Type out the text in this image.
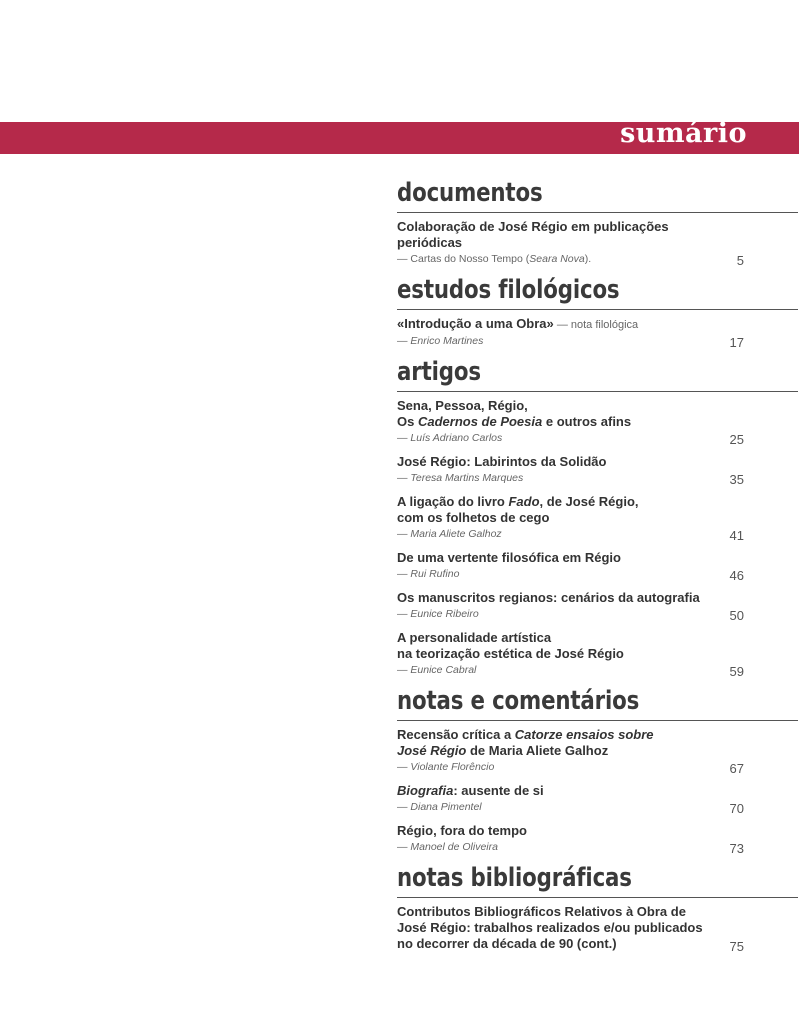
sumário
documentos
Colaboração de José Régio em publicações
periódicas
— Cartas do Nosso Tempo (Seara Nova).	5
estudos filológicos
«Introdução a uma Obra» — nota filológica
— Enrico Martines	17
artigos
Sena, Pessoa, Régio,
Os Cadernos de Poesia e outros afins
— Luís Adriano Carlos	25
José Régio: Labirintos da Solidão
— Teresa Martins Marques	35
A ligação do livro Fado, de José Régio,
com os folhetos de cego
— Maria Aliete Galhoz	41
De uma vertente filosófica em Régio
— Rui Rufino	46
Os manuscritos regianos: cenários da autografia
— Eunice Ribeiro	50
A personalidade artística
na teorização estética de José Régio
— Eunice Cabral	59
notas e comentários
Recensão crítica a Catorze ensaios sobre
José Régio de Maria Aliete Galhoz
— Violante Florêncio	67
Biografia: ausente de si
— Diana Pimentel	70
Régio, fora do tempo
— Manoel de Oliveira	73
notas bibliográficas
Contributos Bibliográficos Relativos à Obra de
José Régio: trabalhos realizados e/ou publicados
no decorrer da década de 90 (cont.)	75
